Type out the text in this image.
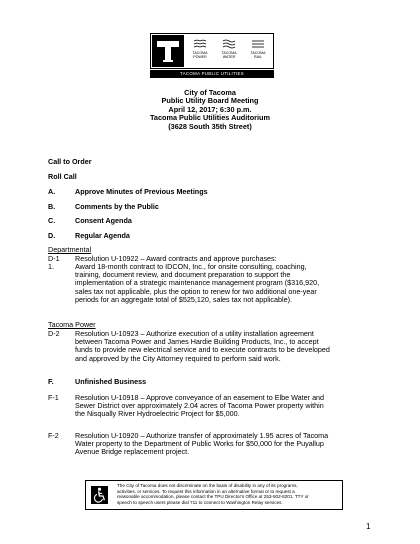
TACOMA
POWER
TACOMA
WATER
TACOMA
RAIL
TACOMA PUBLIC UTILITIES
City of Tacoma
Public Utility Board Meeting
April 12, 2017; 6:30 p.m.
Tacoma Public Utilities Auditorium
(3628 South 35th Street)
Call to Order
Roll Call
A.	Approve Minutes of Previous Meetings
B.	Comments by the Public
C.	Consent Agenda
D.	Regular Agenda
Departmental
D-1 Resolution U-10922 – Award contracts and approve purchases:
1.	Award 18-month contract to IDCON, Inc., for onsite consulting, coaching,
training, document review, and document preparation to support the
implementation of a strategic maintenance management program ($316,920,
sales tax not applicable, plus the option to renew for two additional one-year
periods for an aggregate total of $525,120, sales tax not applicable).
Tacoma Power
D-2 Resolution U-10923 – Authorize execution of a utility installation agreement
between Tacoma Power and James Hardie Building Products, Inc., to accept
funds to provide new electrical service and to execute contracts to be developed
and approved by the City Attorney required to perform said work.
F.	Unfinished Business
F-1 Resolution U-10918 – Approve conveyance of an easement to Elbe Water and
Sewer District over approximately 2.04 acres of Tacoma Power property within
the Nisqually River Hydroelectric Project for $5,000.
F-2 Resolution U-10920 – Authorize transfer of approximately 1.95 acres of Tacoma
Water property to the Department of Public Works for $50,000 for the Puyallup
Avenue Bridge replacement project.
The City of Tacoma does not discriminate on the basis of disability in any of its programs,
activities, or services. To request this information in an alternative format or to request a
reasonable accommodation, please contact the TPU Director's Office at 253-502-8201. TTY or
speech to speech users please dial 711 to connect to Washington Relay services.
1
